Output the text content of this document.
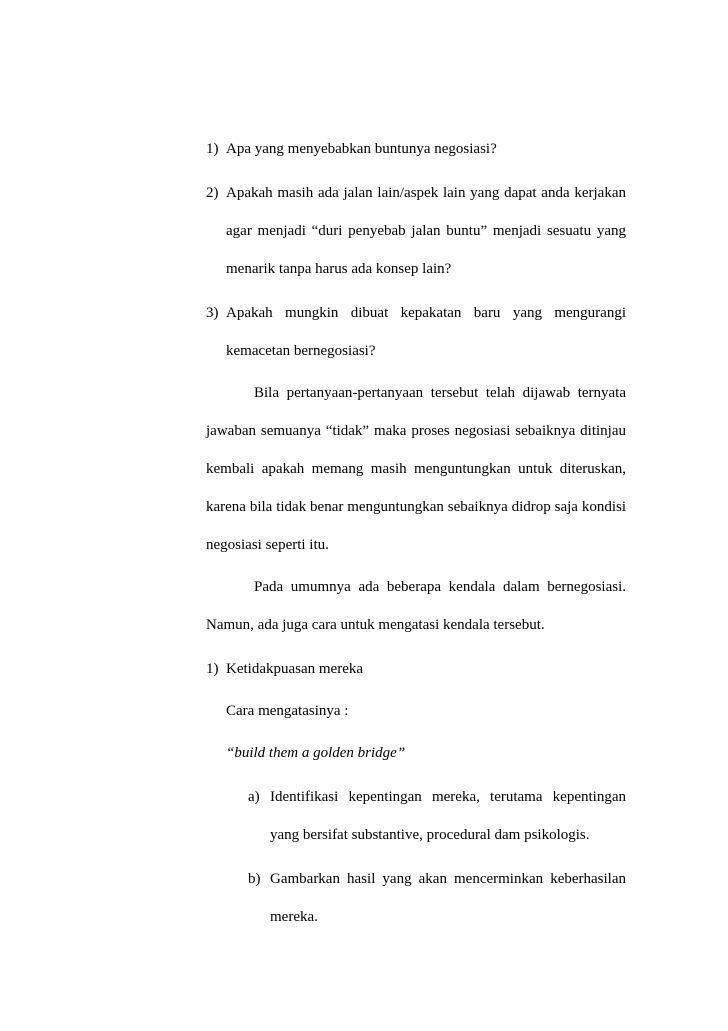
1) Apa yang menyebabkan buntunya negosiasi?
2) Apakah masih ada jalan lain/aspek lain yang dapat anda kerjakan
agar menjadi “duri penyebab jalan buntu” menjadi sesuatu yang
menarik tanpa harus ada konsep lain?
3) Apakah mungkin dibuat kepakatan baru yang mengurangi
kemacetan bernegosiasi?
Bila pertanyaan-pertanyaan tersebut telah dijawab ternyata
jawaban semuanya “tidak” maka proses negosiasi sebaiknya ditinjau
kembali apakah memang masih menguntungkan untuk diteruskan,
karena bila tidak benar menguntungkan sebaiknya didrop saja kondisi
negosiasi seperti itu.
Pada umumnya ada beberapa kendala dalam bernegosiasi.
Namun, ada juga cara untuk mengatasi kendala tersebut.
1) Ketidakpuasan mereka
Cara mengatasinya :
“build them a golden bridge”
a) Identifikasi kepentingan mereka, terutama kepentingan
yang bersifat substantive, procedural dam psikologis.
b) Gambarkan hasil yang akan mencerminkan keberhasilan
mereka.
